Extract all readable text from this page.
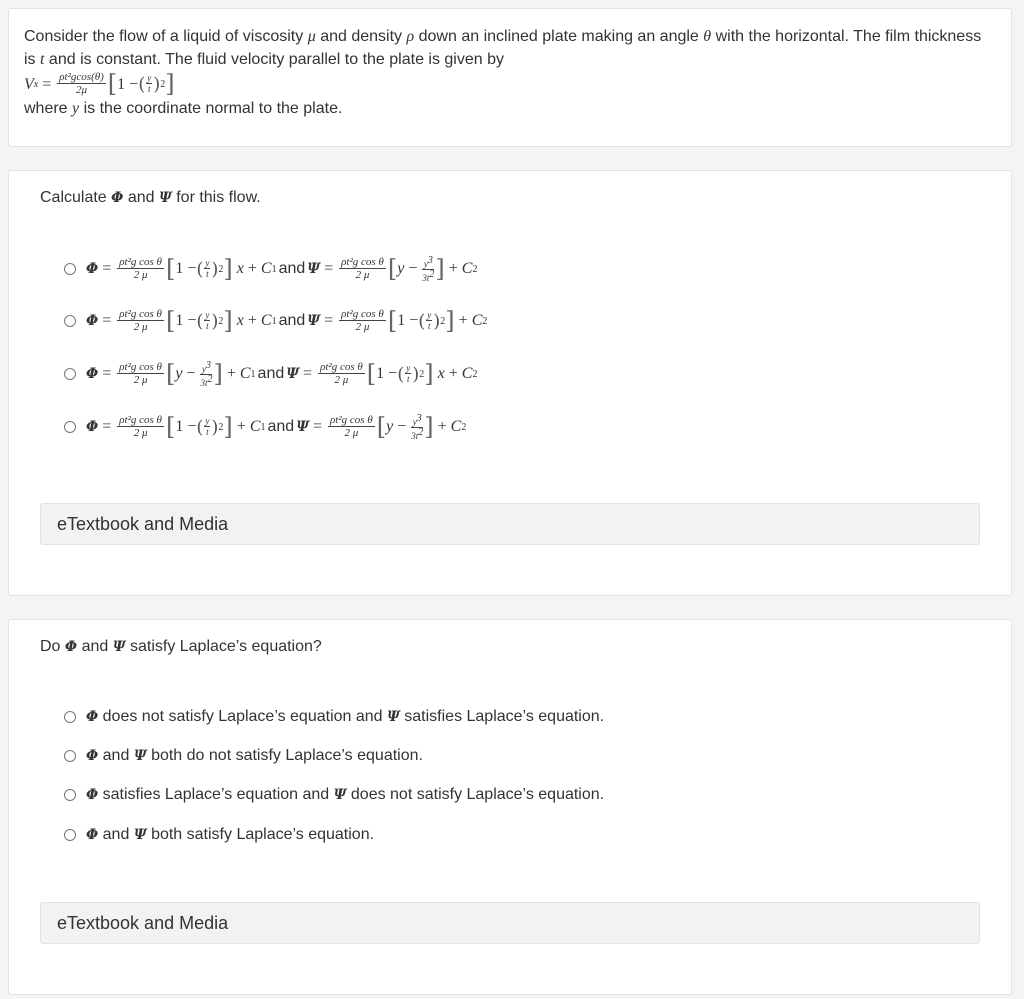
Consider the flow of a liquid of viscosity μ and density ρ down an inclined plate making an angle θ with the horizontal. The film thickness is t and is constant. The fluid velocity parallel to the plate is given by
V $x = \frac{\text{ρt²gcos(θ)}}{2\mu}$ [ 1 − ( $\frac{y}{t}$ ) 2 ]
where y is the coordinate normal to the plate.
Calculate Φ and Ψ for this flow.
$\Phi = \frac{\text{ρt²g cos θ}}{2 \mu}$ [ 1 − ( $\frac{y}{t}$ ) 2 ] x + C 1 and $\Psi = \frac{\text{ρt²g cos θ}}{2 \mu}$ [ $y - \frac{y^3}{3t^2}$ ] + C 2
$\Phi = \frac{\text{ρt²g cos θ}}{2 \mu}$ [ 1 − ( $\frac{y}{t}$ ) 2 ] x + C 1 and $\Psi = \frac{\text{ρt²g cos θ}}{2 \mu}$ [ 1 − ( $\frac{y}{t}$ ) 2 ] + C 2
$\Phi = \frac{\text{ρt²g cos θ}}{2 \mu}$ [ $y - \frac{y^3}{3t^2}$ ] + C 1 and $\Psi = \frac{\text{ρt²g cos θ}}{2 \mu}$ [ 1 − ( $\frac{y}{t}$ ) 2 ] x + C 2
$\Phi = \frac{\text{ρt²g cos θ}}{2 \mu}$ [ 1 − ( $\frac{y}{t}$ ) 2 ] + C 1 and $\Psi = \frac{\text{ρt²g cos θ}}{2 \mu}$ [ $y - \frac{y^3}{3t^2}$ ] + C 2
eTextbook and Media
Do Φ and Ψ satisfy Laplace’s equation?
Φ
does not satisfy Laplace’s equation and
Ψ
satisfies Laplace’s equation.
Φ
and
Ψ
both do not satisfy Laplace’s equation.
Φ
satisfies Laplace’s equation and
Ψ
does not satisfy Laplace’s equation.
Φ
and
Ψ
both satisfy Laplace’s equation.
eTextbook and Media
